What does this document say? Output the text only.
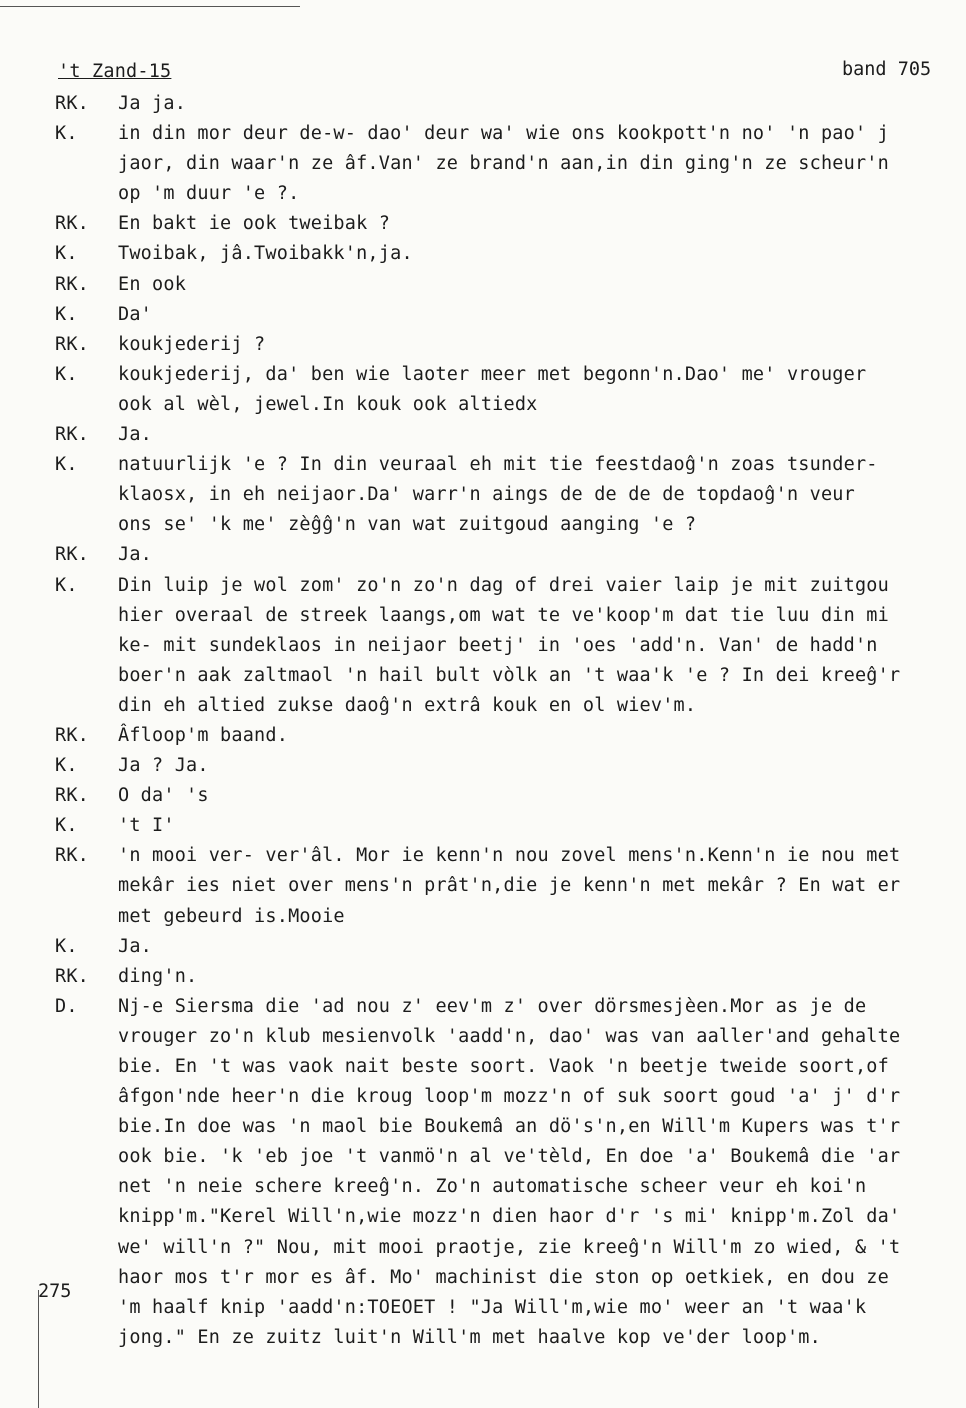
't Zand-15	band 705
275
RK. Ja ja.
K. in din mor deur de-w- dao' deur wa' wie ons kookpott'n no' 'n pao' j
jaor, din waar'n ze âf.Van' ze brand'n aan,in din ging'n ze scheur'n
op 'm duur 'e ?.
RK. En bakt ie ook tweibak ?
K. Twoibak, jâ.Twoibakk'n,ja.
RK. En ook
K. Da'
RK. koukjederij ?
K. koukjederij, da' ben wie laoter meer met begonn'n.Dao' me' vrouger
ook al wèl, jewel.In kouk ook altiedx
RK. Ja.
K. natuurlijk 'e ? In din veuraal eh mit tie feestdaoĝ'n zoas tsunder-
klaosx, in eh neijaor.Da' warr'n aings de de de de topdaoĝ'n veur
ons se' 'k me' zèĝĝ'n van wat zuitgoud aanging 'e ?
RK. Ja.
K. Din luip je wol zom' zo'n zo'n dag of drei vaier laip je mit zuitgou
hier overaal de streek laangs,om wat te ve'koop'm dat tie luu din mi
ke- mit sundeklaos in neijaor beetj' in 'oes 'add'n. Van' de hadd'n
boer'n aak zaltmaol 'n hail bult vòlk an 't waa'k 'e ? In dei kreeĝ'r
din eh altied zukse daoĝ'n extrâ kouk en ol wiev'm.
RK. Âfloop'm baand.
K. Ja ? Ja.
RK. O da' 's
K. 't I'
RK. 'n mooi ver- ver'âl. Mor ie kenn'n nou zovel mens'n.Kenn'n ie nou met
mekâr ies niet over mens'n prât'n,die je kenn'n met mekâr ? En wat er
met gebeurd is.Mooie
K. Ja.
RK. ding'n.
D. Nj-e Siersma die 'ad nou z' eev'm z' over dörsmesjèen.Mor as je de
vrouger zo'n klub mesienvolk 'aadd'n, dao' was van aaller'and gehalte
bie. En 't was vaok nait beste soort. Vaok 'n beetje tweide soort,of
âfgon'nde heer'n die kroug loop'm mozz'n of suk soort goud 'a' j' d'r
bie.In doe was 'n maol bie Boukemâ an dö's'n,en Will'm Kupers was t'r
ook bie. 'k 'eb joe 't vanmö'n al ve'tèld, En doe 'a' Boukemâ die 'ar
net 'n neie schere kreeĝ'n. Zo'n automatische scheer veur eh koi'n
knipp'm."Kerel Will'n,wie mozz'n dien haor d'r 's mi' knipp'm.Zol da'
we' will'n ?" Nou, mit mooi praotje, zie kreeĝ'n Will'm zo wied, & 't
haor mos t'r mor es âf. Mo' machinist die ston op oetkiek, en dou ze
'm haalf knip 'aadd'n:TOEOET ! "Ja Will'm,wie mo' weer an 't waa'k
jong." En ze zuitz luit'n Will'm met haalve kop ve'der loop'm.
